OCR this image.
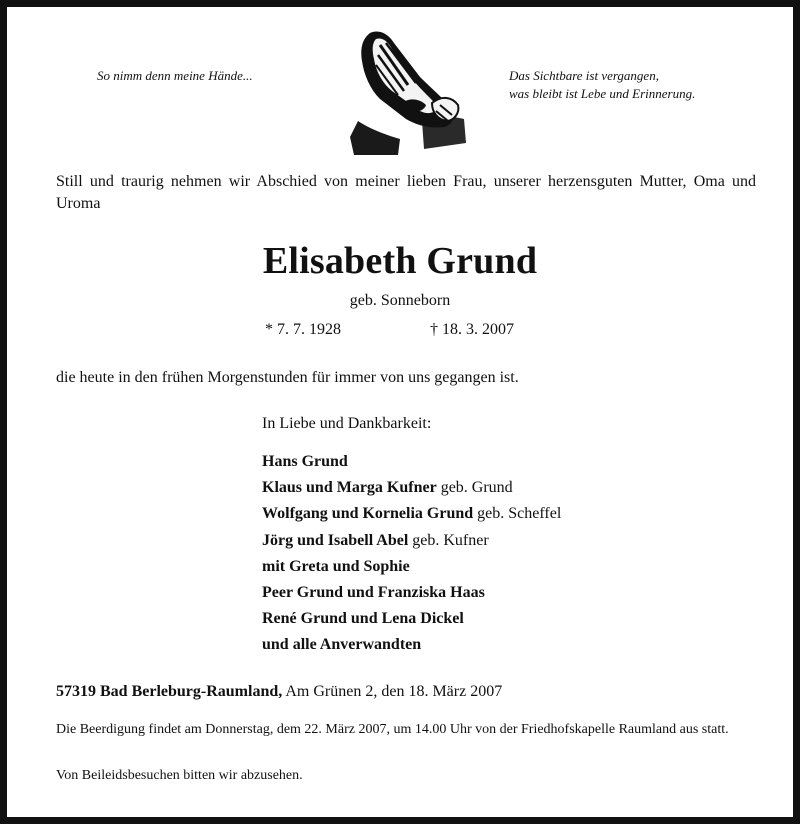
So nimm denn meine Hände...	Das Sichtbare ist vergangen,
was bleibt ist Lebe und Erinnerung.
Still und traurig nehmen wir Abschied von meiner lieben Frau, unserer herzensguten Mutter, Oma und Uroma
Elisabeth Grund
geb. Sonneborn
* 7. 7. 1928	† 18. 3. 2007
die heute in den frühen Morgenstunden für immer von uns gegangen ist.
In Liebe und Dankbarkeit:
Hans Grund
Klaus und Marga Kufner geb. Grund
Wolfgang und Kornelia Grund geb. Scheffel
Jörg und Isabell Abel geb. Kufner
mit Greta und Sophie
Peer Grund und Franziska Haas
René Grund und Lena Dickel
und alle Anverwandten
57319 Bad Berleburg-Raumland, Am Grünen 2, den 18. März 2007
Die Beerdigung findet am Donnerstag, dem 22. März 2007, um 14.00 Uhr von der Friedhofskapelle Raumland aus statt.
Von Beileidsbesuchen bitten wir abzusehen.
